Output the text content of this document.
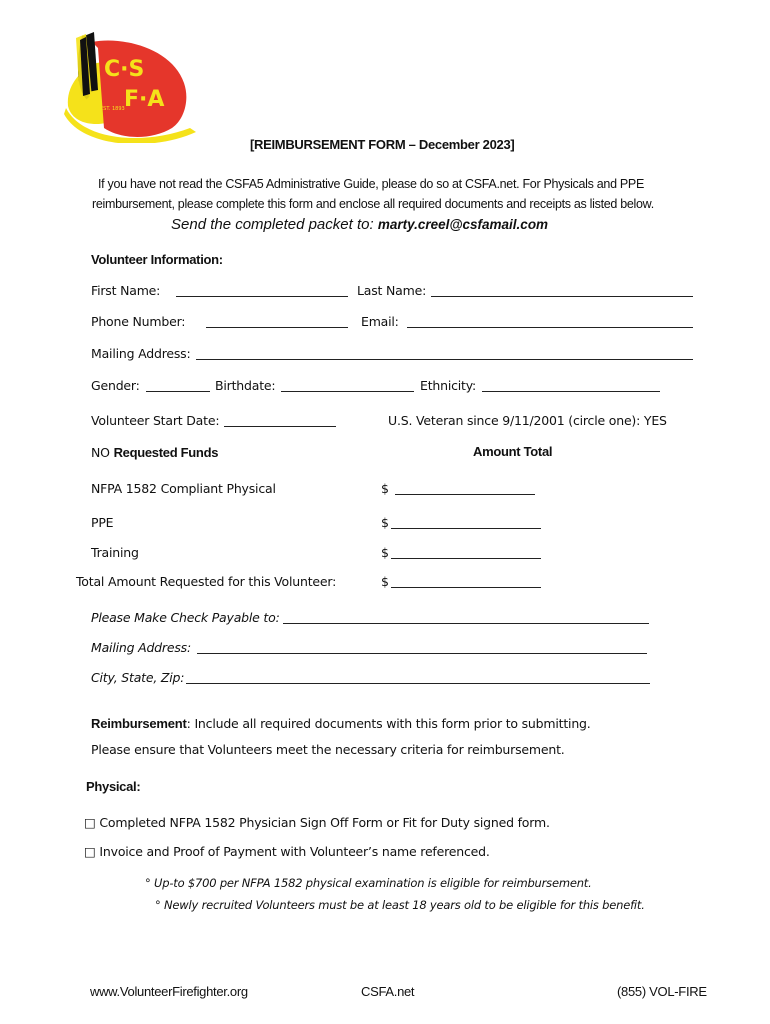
C·S
F·A
EST. 1893
[REIMBURSEMENT FORM – December 2023]
If you have not read the CSFA5 Administrative Guide, please do so at CSFA.net. For Physicals and PPE
reimbursement, please complete this form and enclose all required documents and receipts as listed below.
Send the completed packet to: marty.creel@csfamail.com
Volunteer Information:
First Name:	Last Name:
Phone Number:	Email:
Mailing Address:
Gender:	Birthdate:	Ethnicity:
Volunteer Start Date:	U.S. Veteran since 9/11/2001 (circle one): YES
NO Requested Funds	Amount Total
NFPA 1582 Compliant Physical	$
PPE	$
Training	$
Total Amount Requested for this Volunteer:	$
Please Make Check Payable to:
Mailing Address:
City, State, Zip:
Reimbursement: Include all required documents with this form prior to submitting.
Please ensure that Volunteers meet the necessary criteria for reimbursement.
Physical:
□ Completed NFPA 1582 Physician Sign Off Form or Fit for Duty signed form.
□ Invoice and Proof of Payment with Volunteer’s name referenced.
° Up-to $700 per NFPA 1582 physical examination is eligible for reimbursement.
° Newly recruited Volunteers must be at least 18 years old to be eligible for this benefit.
www.VolunteerFirefighter.org	CSFA.net	(855) VOL-FIRE
